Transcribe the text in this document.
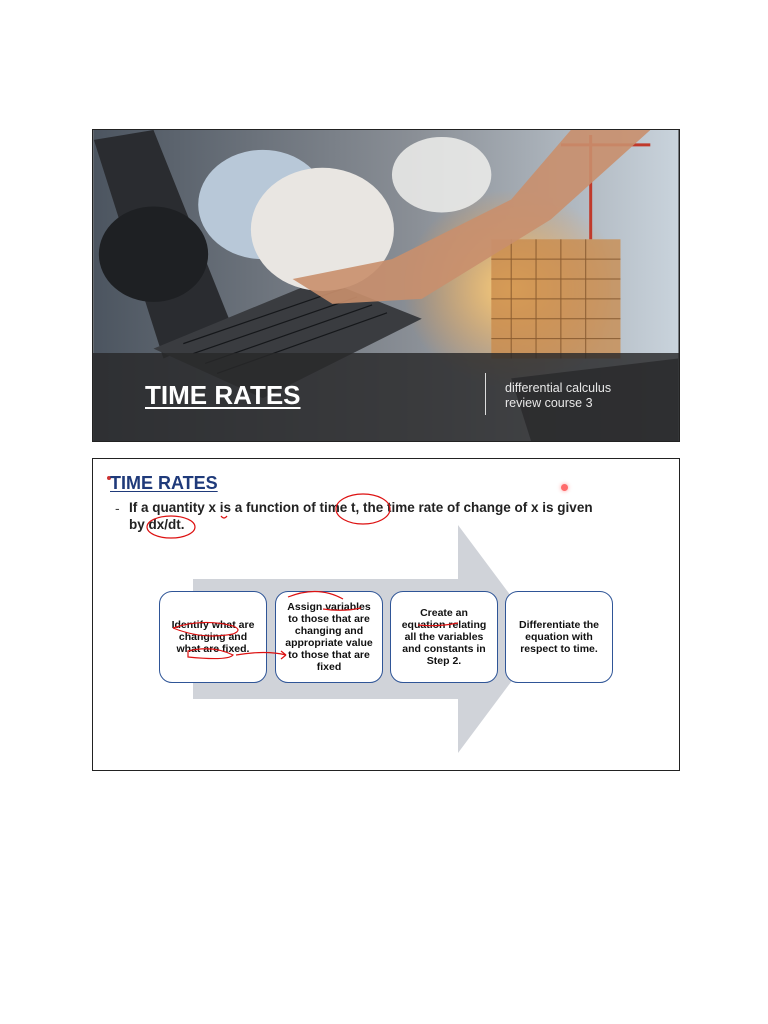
TIME RATES	differential calculus
review course 3
TIME RATES
- If a quantity x is a function of time t, the time rate of change of x is given
by dx/dt.
Identify what are changing and what are fixed.
Assign variables to those that are changing and appropriate value to those that are fixed
Create an equation relating all the variables and constants in Step 2.
Differentiate the equation with respect to time.
